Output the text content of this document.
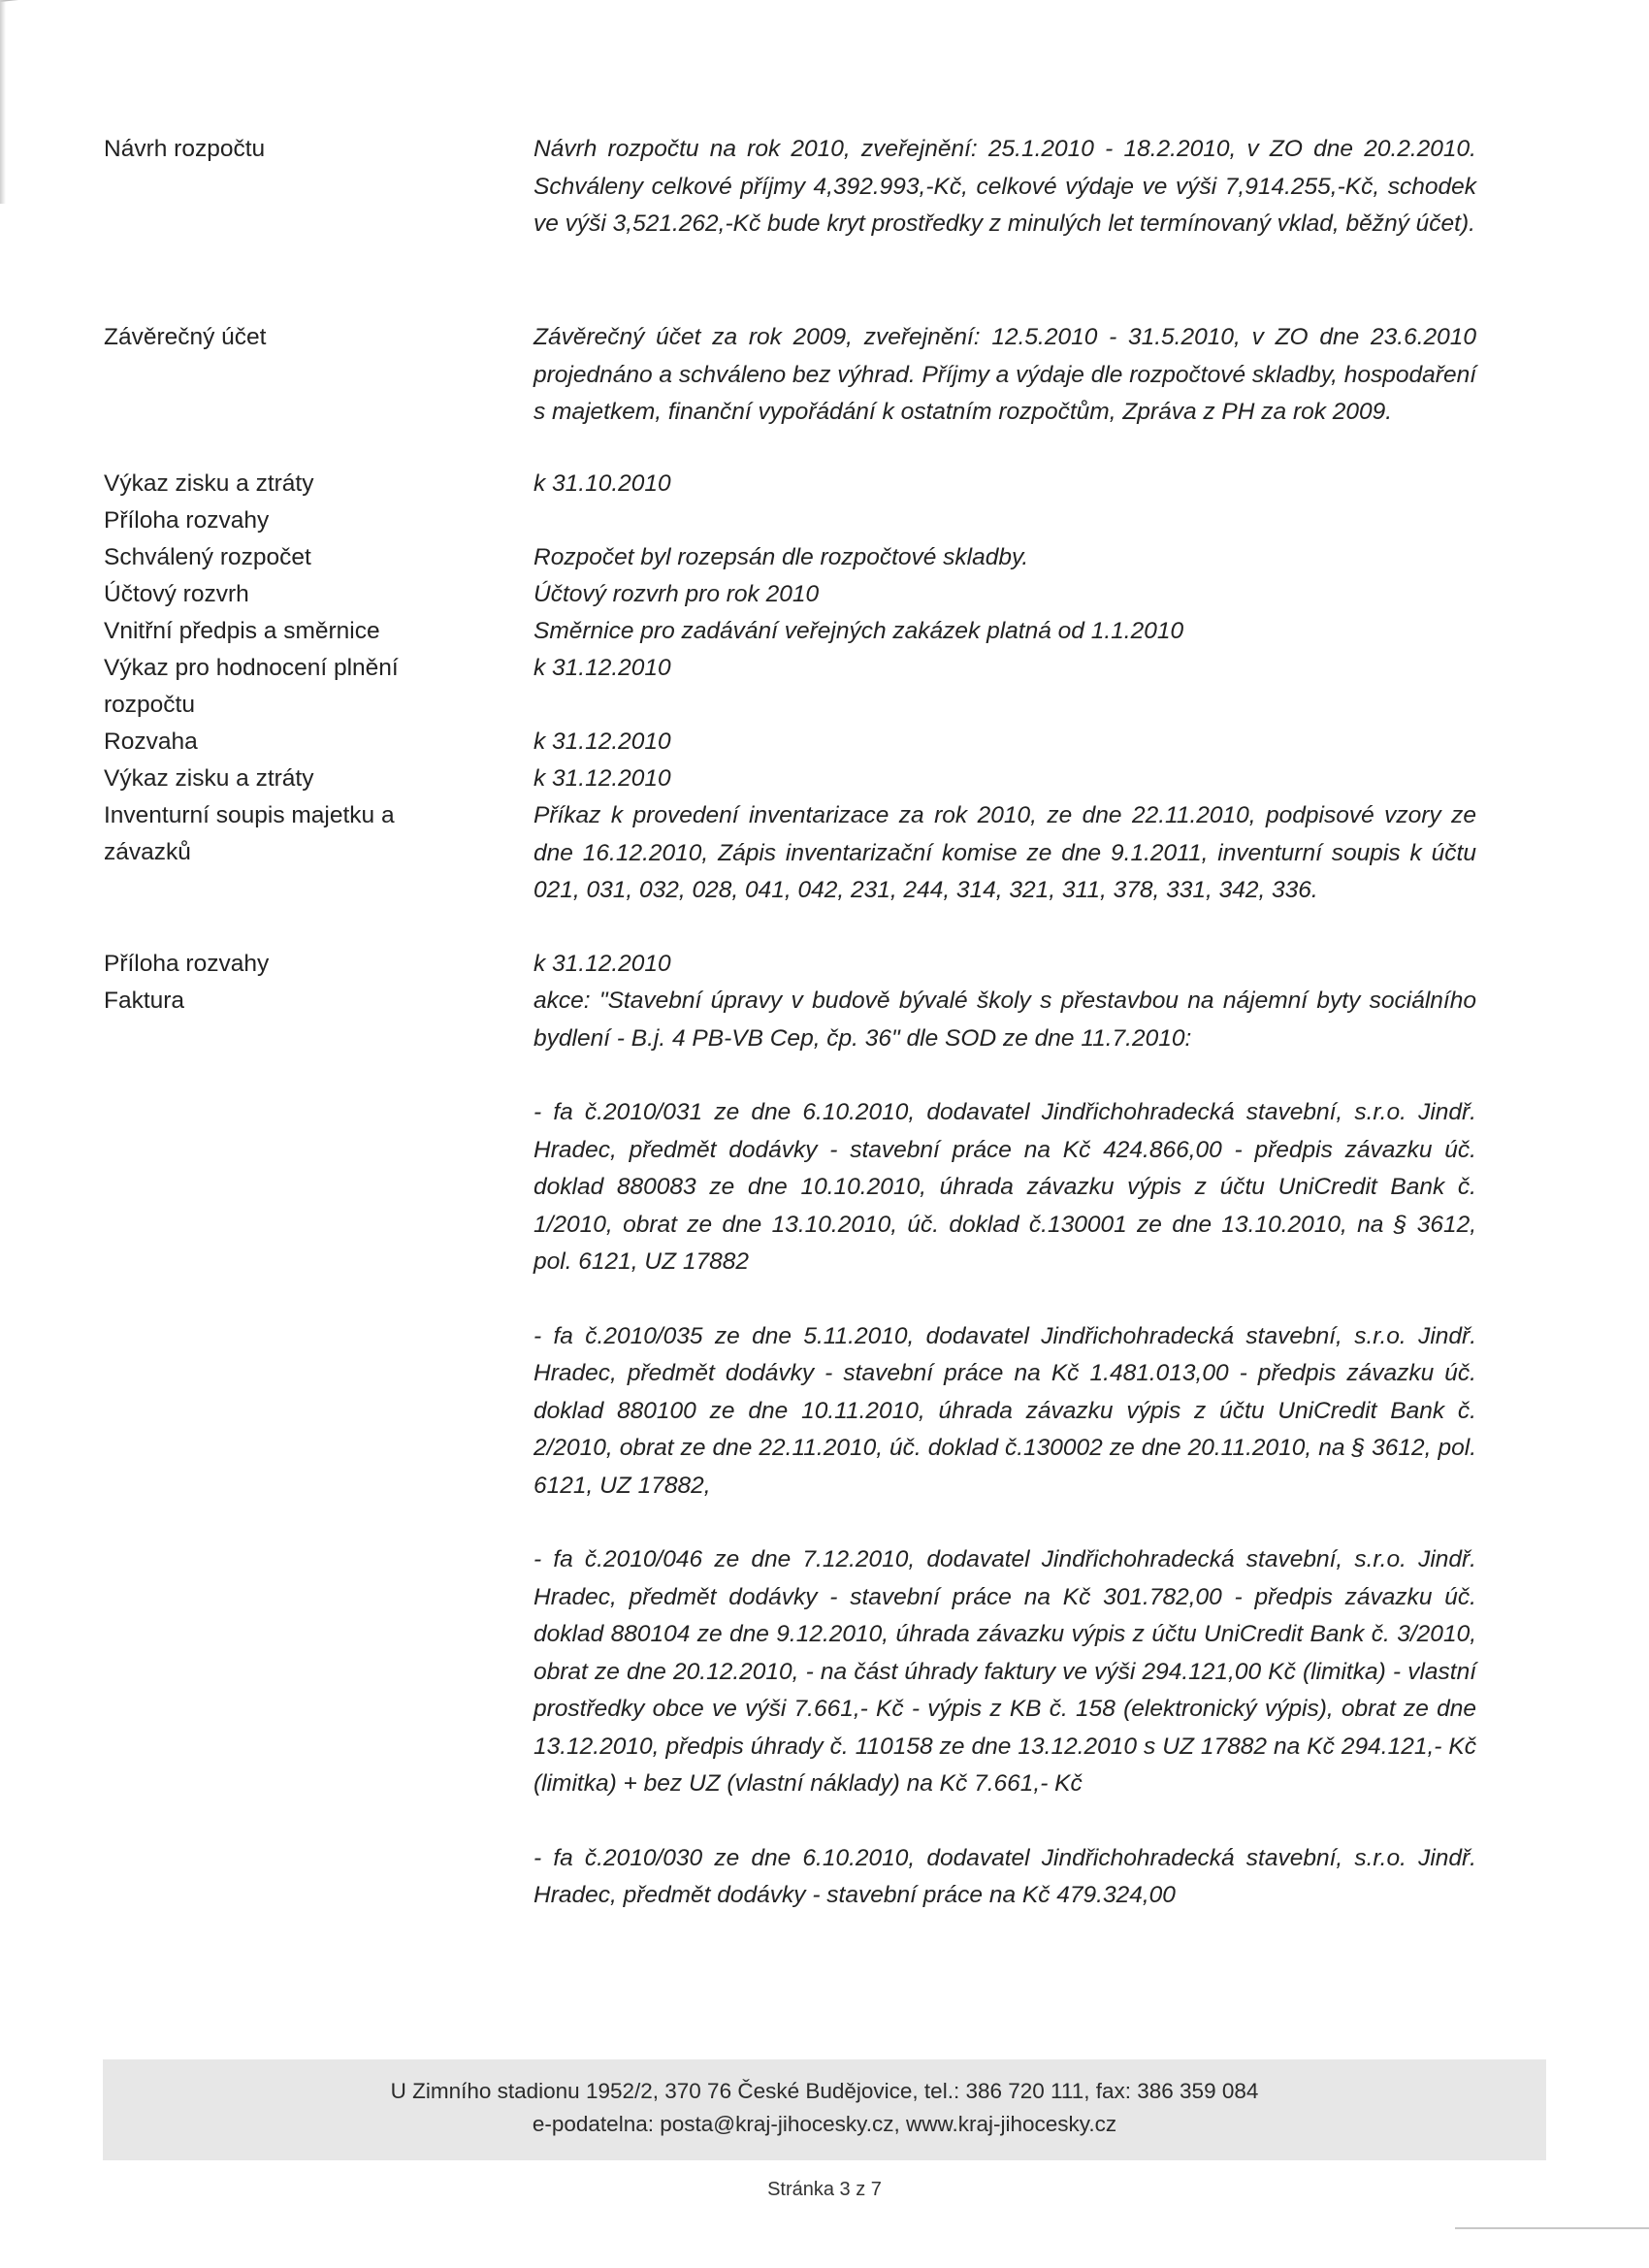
Návrh rozpočtu
Závěrečný účet
Výkaz zisku a ztráty
Příloha rozvahy
Schválený rozpočet
Účtový rozvrh
Vnitřní předpis a směrnice
Výkaz pro hodnocení plnění
rozpočtu
Rozvaha
Výkaz zisku a ztráty
Inventurní soupis majetku a
závazků
Příloha rozvahy
Faktura
Návrh rozpočtu na rok 2010, zveřejnění: 25.1.2010 - 18.2.2010, v ZO dne 20.2.2010. Schváleny celkové příjmy 4,392.993,-Kč, celkové výdaje ve výši 7,914.255,-Kč, schodek ve výši 3,521.262,-Kč bude kryt prostředky z minulých let termínovaný vklad, běžný účet).
Závěrečný účet za rok 2009, zveřejnění: 12.5.2010 - 31.5.2010, v ZO dne 23.6.2010 projednáno a schváleno bez výhrad. Příjmy a výdaje dle rozpočtové skladby, hospodaření s majetkem, finanční vypořádání k ostatním rozpočtům, Zpráva z PH za rok 2009.
k 31.10.2010
Rozpočet byl rozepsán dle rozpočtové skladby.
Účtový rozvrh pro rok 2010
Směrnice pro zadávání veřejných zakázek platná od 1.1.2010
k 31.12.2010
k 31.12.2010
k 31.12.2010
Příkaz k provedení inventarizace za rok 2010, ze dne 22.11.2010, podpisové vzory ze dne 16.12.2010, Zápis inventarizační komise ze dne 9.1.2011, inventurní soupis k účtu 021, 031, 032, 028, 041, 042, 231, 244, 314, 321, 311, 378, 331, 342, 336.
k 31.12.2010

akce: "Stavební úpravy v budově bývalé školy s přestavbou na nájemní byty sociálního bydlení - B.j. 4 PB-VB Cep, čp. 36" dle SOD ze dne 11.7.2010:

- fa č.2010/031 ze dne 6.10.2010, dodavatel Jindřichohradecká stavební, s.r.o. Jindř. Hradec, předmět dodávky - stavební práce na Kč 424.866,00 - předpis závazku úč. doklad 880083 ze dne 10.10.2010, úhrada závazku výpis z účtu UniCredit Bank č. 1/2010, obrat ze dne 13.10.2010, úč. doklad č.130001 ze dne 13.10.2010, na § 3612, pol. 6121, UZ 17882

- fa č.2010/035 ze dne 5.11.2010, dodavatel Jindřichohradecká stavební, s.r.o. Jindř. Hradec, předmět dodávky - stavební práce na Kč 1.481.013,00 - předpis závazku úč. doklad 880100 ze dne 10.11.2010, úhrada závazku výpis z účtu UniCredit Bank č. 2/2010, obrat ze dne 22.11.2010, úč. doklad č.130002 ze dne 20.11.2010, na § 3612, pol. 6121, UZ 17882,

- fa č.2010/046 ze dne 7.12.2010, dodavatel Jindřichohradecká stavební, s.r.o. Jindř. Hradec, předmět dodávky - stavební práce na Kč 301.782,00 - předpis závazku úč. doklad 880104 ze dne 9.12.2010, úhrada závazku výpis z účtu UniCredit Bank č. 3/2010, obrat ze dne 20.12.2010, - na část úhrady faktury ve výši 294.121,00 Kč (limitka) - vlastní prostředky obce ve výši 7.661,- Kč - výpis z KB č. 158 (elektronický výpis), obrat ze dne 13.12.2010, předpis úhrady č. 110158 ze dne 13.12.2010 s UZ 17882 na Kč 294.121,- Kč (limitka) + bez UZ (vlastní náklady) na Kč 7.661,- Kč

- fa č.2010/030 ze dne 6.10.2010, dodavatel Jindřichohradecká stavební, s.r.o. Jindř. Hradec, předmět dodávky - stavební práce na Kč 479.324,00

U Zimního stadionu 1952/2, 370 76 České Budějovice, tel.: 386 720 111, fax: 386 359 084
e-podatelna: posta@kraj-jihocesky.cz, www.kraj-jihocesky.cz
Stránka 3 z 7
